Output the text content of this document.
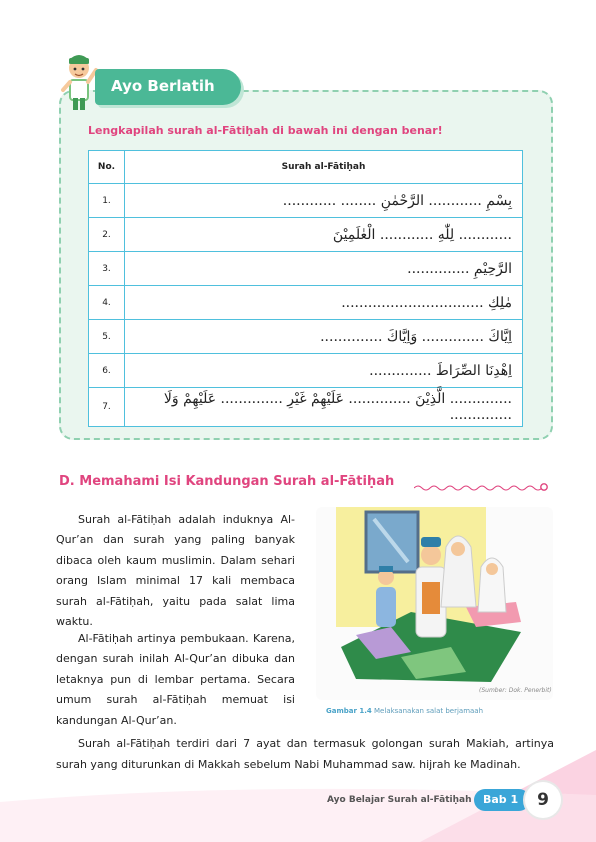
Ayo Berlatih
Lengkapilah surah al-Fātiḥah di bawah ini dengan benar!
No.	Surah al-Fātiḥah
1.	بِسْمِ ............ الرَّحْمٰنِ ........ ............
2.	............ لِلّٰهِ ............ الْعٰلَمِيْنَ
3.	الرَّحِيْمِ ..............
4.	مٰلِكِ ................................
5.	اِيَّاكَ .............. وَاِيَّاكَ ..............
6.	اِهْدِنَا الصِّرَاطَ ..............
7.	.............. الَّذِيْنَ .............. عَلَيْهِمْ غَيْرِ .............. عَلَيْهِمْ وَلَا ..............
D. Memahami Isi Kandungan Surah al-Fātiḥah
Surah al-Fātiḥah adalah induknya Al-Qur’an dan surah yang paling banyak dibaca oleh kaum muslimin. Dalam sehari orang Islam minimal 17 kali membaca surah al-Fātiḥah, yaitu pada salat lima waktu.
Al-Fātiḥah artinya pembukaan. Karena, dengan surah inilah Al-Qur’an dibuka dan letaknya pun di lembar pertama. Secara umum surah al-Fātiḥah memuat isi kandungan Al-Qur’an.
Surah al-Fātiḥah terdiri dari 7 ayat dan termasuk golongan surah Makiah, artinya surah yang diturunkan di Makkah sebelum Nabi Muhammad saw. hijrah ke Madinah.
(Sumber: Dok. Penerbit)
Gambar 1.4 Melaksanakan salat berjamaah
Ayo Belajar Surah al-Fātiḥah	Bab 1	9
